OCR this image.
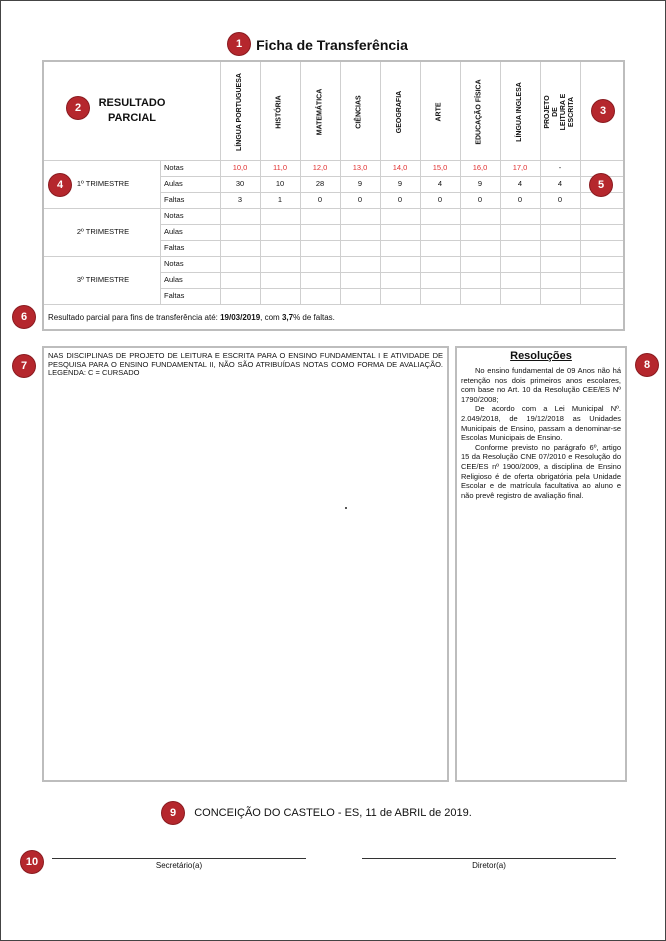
Ficha de Transferência
RESULTADO
PARCIAL	LÍNGUA PORTUGUESA	HISTÓRIA	MATEMÁTICA	CIÊNCIAS	GEOGRAFIA	ARTE	EDUCAÇÃO FÍSICA	LÍNGUA INGLESA	PROJETO DE LEITURA E ESCRITA
1º TRIMESTRE
Notas	10,0	11,0	12,0	13,0	14,0	15,0	16,0	17,0	-
Aulas	30	10	28	9	9	4	9	4	4
Faltas	3	1	0	0	0	0	0	0	0
2º TRIMESTRE
Notas
Aulas
Faltas
3º TRIMESTRE
Notas
Aulas
Faltas
Resultado parcial para fins de transferência até: 19/03/2019, com 3,7% de faltas.

NAS DISCIPLINAS DE PROJETO DE LEITURA E ESCRITA PARA O ENSINO FUNDAMENTAL I E ATIVIDADE DE PESQUISA PARA O ENSINO FUNDAMENTAL II, NÃO SÃO ATRIBUÍDAS NOTAS COMO FORMA DE AVALIAÇÃO. LEGENDA: C = CURSADO

Resoluções

No ensino fundamental de 09 Anos não há retenção nos dois primeiros anos escolares, com base no Art. 10 da Resolução CEE/ES Nº 1790/2008;

De acordo com a Lei Municipal Nº. 2.049/2018, de 19/12/2018 as Unidades Municipais de Ensino, passam a denominar-se Escolas Municipais de Ensino.

Conforme previsto no parágrafo 6º, artigo 15 da Resolução CNE 07/2010 e Resolução do CEE/ES nº 1900/2009, a disciplina de Ensino Religioso é de oferta obrigatória pela Unidade Escolar e de matrícula facultativa ao aluno e não prevê registro de avaliação final.

CONCEIÇÃO DO CASTELO - ES, 11 de ABRIL de 2019.
Secretário(a)	Diretor(a)
1
2	3
4	5
6
7	8
9
10
